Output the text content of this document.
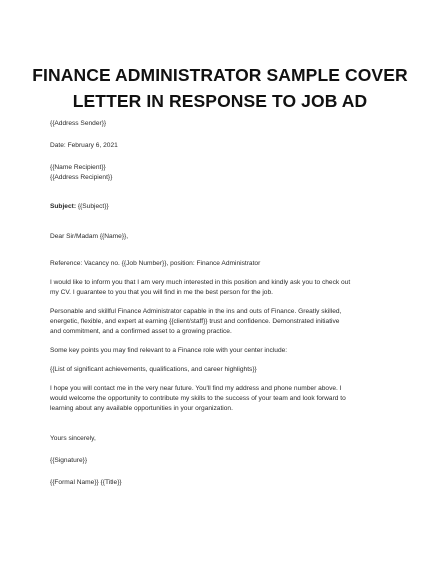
FINANCE ADMINISTRATOR SAMPLE COVER
LETTER IN RESPONSE TO JOB AD

{{Address Sender}}

Date: February 6, 2021

{{Name Recipient}}

{{Address Recipient}}

Subject: {{Subject}}

Dear Sir/Madam {{Name}},

Reference: Vacancy no. {{Job Number}}, position: Finance Administrator

I would like to inform you that I am very much interested in this position and kindly ask you to check out

my CV. I guarantee to you that you will find in me the best person for the job.

Personable and skillful Finance Administrator capable in the ins and outs of Finance. Greatly skilled,

energetic, flexible, and expert at earning {{client/staff}} trust and confidence. Demonstrated initiative

and commitment, and a confirmed asset to a growing practice.

Some key points you may find relevant to a Finance role with your center include:

{{List of significant achievements, qualifications, and career highlights}}

I hope you will contact me in the very near future. You'll find my address and phone number above. I

would welcome the opportunity to contribute my skills to the success of your team and look forward to

learning about any available opportunities in your organization.

Yours sincerely,

{{Signature}}

{{Formal Name}} {{Title}}
